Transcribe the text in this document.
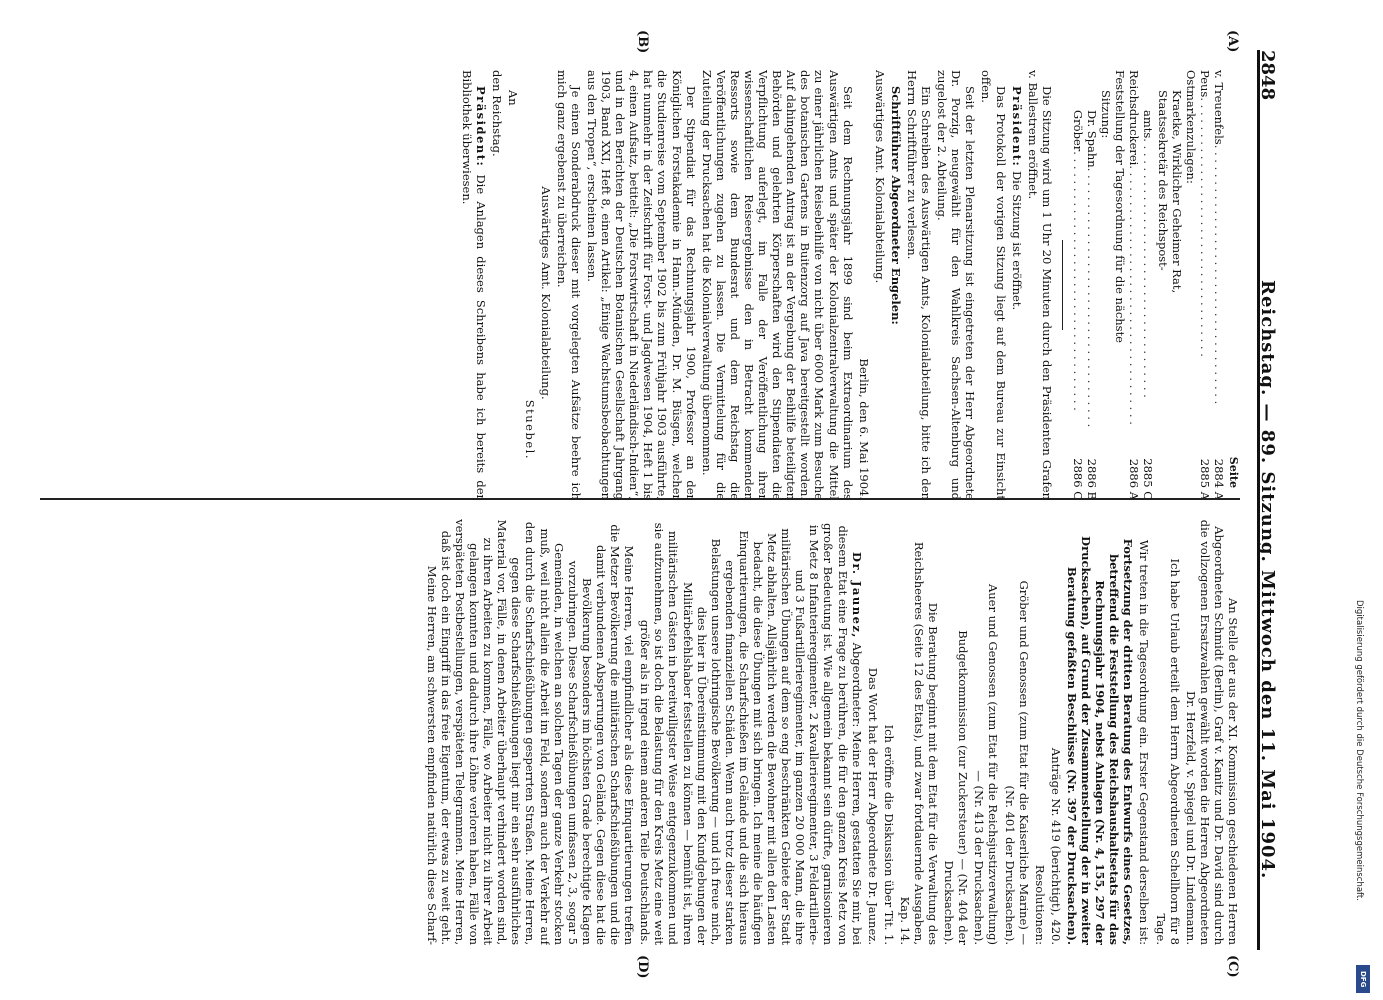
2848
Reichstag. — 89. Sitzung. Mittwoch den 11. Mai 1904.
(A)
(B)
(C)
(D)
Seite
v. Treuenfels
. . .
2884 A
Peus
. . .
2885 A
Ostmarkenzulagen:
Kraetke, Wirklicher Geheimer Rat,
Staatssekretär des Reichspost-
amts
. . .
2885 C
Reichsdruckerei
. . .
2886 A
Feststellung der Tagesordnung für die nächste
Sitzung:
Dr. Spahn
. . .
2886 B
Gröber
. . .
2886 C

Die Sitzung wird um 1 Uhr 20 Minuten durch den Präsidenten Grafen v. Ballestrem eröffnet.

Präsident: Die Sitzung ist eröffnet.

Das Protokoll der vorigen Sitzung liegt auf dem Bureau zur Einsicht offen.

Seit der letzten Plenarsitzung ist eingetreten der Herr Abgeordnete Dr. Porzig, neugewählt für den Wahlkreis Sachsen-Altenburg und zugelost der 2. Abteilung.

Ein Schreiben des Auswärtigen Amts, Kolonialabteilung, bitte ich den Herrn Schriftführer zu verlesen.

Schriftführer Abgeordneter Engelen:

Auswärtiges Amt. Kolonialabteilung.

Berlin, den 6. Mai 1904.

Seit dem Rechnungsjahr 1899 sind beim Extraordinarium des Auswärtigen Amts und später der Kolonialzentralverwaltung die Mittel zu einer jährlichen Reisebeihilfe von nicht über 6000 Mark zum Besuche des botanischen Gartens in Buitenzorg auf Java bereitgestellt worden. Auf dahingehenden Antrag ist an der Vergebung der Beihilfe beteiligten Behörden und gelehrten Körperschaften wird den Stipendiaten die Verpflichtung auferlegt, im Falle der Veröffentlichung ihrer wissenschaftlichen Reiseergebnisse den in Betracht kommenden Ressorts sowie dem Bundesrat und dem Reichstag die Veröffentlichungen zugehen zu lassen. Die Vermittelung für die Zuteilung der Drucksachen hat die Kolonialverwaltung übernommen.

Der Stipendiat für das Rechnungsjahr 1900, Professor an der Königlichen Forstakademie in Hann.-Münden, Dr. M. Büsgen, welcher die Studienreise vom September 1902 bis zum Frühjahr 1903 ausführte, hat nunmehr in der Zeitschrift für Forst- und Jagdwesen 1904, Heft 1 bis 4, einen Aufsatz, betitelt: „Die Forstwirtschaft in Niederländisch-Indien“, und in den Berichten der Deutschen Botanischen Gesellschaft Jahrgang 1903, Band XXI, Heft 8, einen Artikel: „Einige Wachstumsbeobachtungen aus den Tropen“, erscheinen lassen.

Je einen Sonderabdruck dieser mit vorgelegten Aufsätze beehre ich mich ganz ergebenst zu überreichen.

Auswärtiges Amt. Kolonialabteilung.

Stuebel.

An

den Reichstag.

Präsident: Die Anlagen dieses Schreibens habe ich bereits der Bibliothek überwiesen.

An Stelle der aus der XI. Kommission geschiedenen Herren Abgeordneten Schmidt (Berlin), Graf v. Kanitz und Dr. David sind durch die vollzogenen Ersatzwahlen gewählt worden die Herren Abgeordneten Dr. Herzfeld, v. Spiegel und Dr. Lindemann.

Ich habe Urlaub erteilt dem Herrn Abgeordneten Schellhorn für 8 Tage.

Wir treten in die Tagesordnung ein. Erster Gegenstand derselben ist:

Fortsetzung der dritten Beratung des Entwurfs eines Gesetzes, betreffend die Feststellung des Reichshaushaltsetats für das Rechnungsjahr 1904, nebst Anlagen (Nr. 4, 155, 297 der Drucksachen), auf Grund der Zusammenstellung der in zweiter Beratung gefaßten Beschlüsse (Nr. 397 der Drucksachen).

Anträge Nr. 419 (berichtigt), 420.

Resolutionen:

Gröber und Genossen (zum Etat für die Kaiserliche Marine) — (Nr. 401 der Drucksachen).

Auer und Genossen (zum Etat für die Reichsjustizverwaltung) — (Nr. 413 der Drucksachen).

Budgetkommission (zur Zuckersteuer) — (Nr. 404 der Drucksachen).

Die Beratung beginnt mit dem Etat für die Verwaltung des Reichsheeres (Seite 12 des Etats), und zwar fortdauernde Ausgaben, Kap. 14.

Ich eröffne die Diskussion über Tit. 1.

Das Wort hat der Herr Abgeordnete Dr. Jaunez.

Dr. Jaunez, Abgeordneter: Meine Herren, gestatten Sie mir, bei diesem Etat eine Frage zu berühren, die für den ganzen Kreis Metz von großer Bedeutung ist. Wie allgemein bekannt sein dürfte, garnisonieren in Metz 8 Infanterieregimenter, 2 Kavallerieregimenter, 3 Feldartillerie- und 3 Fußartillerieregimenter, im ganzen 20 000 Mann, die ihre militärischen Übungen auf dem so eng beschränkten Gebiete der Stadt Metz abhalten. Allsjährlich werden die Bewohner mit allen den Lasten bedacht, die diese Übungen mit sich bringen. Ich meine die häufigen Einquartierungen, die Scharfschießen im Gelände und die sich hieraus ergebenden finanziellen Schäden. Wenn auch trotz dieser starken Belastungen unsere lothringische Bevölkerung — und ich freue mich, dies hier in Übereinstimmung mit den Kundgebungen der Militärbefehlshaber feststellen zu können — bemüht ist, ihren militärischen Gästen in bereitwilligster Weise entgegenzukommen und sie aufzunehmen, so ist doch die Belastung für den Kreis Metz eine weit größer als in irgend einem anderen Teile Deutschlands.

Meine Herren, viel empfindlicher als diese Einquartierungen treffen die Metzer Bevölkerung die militärischen Scharfschießübungen und die damit verbundenen Absperrungen von Gelände. Gegen diese hat die Bevölkerung besonders im höchsten Grade berechtigte Klagen vorzubringen. Diese Scharfschießübungen umfassen 2, 3, sogar 5 Gemeinden, in welchen an solchen Tagen der ganze Verkehr stocken muß, weil nicht allein die Arbeit im Feld, sondern auch der Verkehr auf den durch die Scharfschießübungen gesperrten Straßen. Meine Herren, gegen diese Scharfschießübungen liegt mir ein sehr ausführliches Material vor, Fälle, in denen Arbeiter überhaupt verhindert worden sind, zu ihren Arbeiten zu kommen, Fälle, wo Arbeiter nicht zu ihrer Arbeit gelangen konnten und dadurch ihre Löhne verloren haben, Fälle von verspäteten Postbestellungen, verspäteten Telegrammen. Meine Herren, daß ist doch ein Eingriff in das freie Eigentum, der etwas zu weit geht. Meine Herren, am schwersten empfinden natürlich diese Scharf-	Digitalisierung gefördert durch die Deutsche Forschungsgemeinschaft.
DFG
